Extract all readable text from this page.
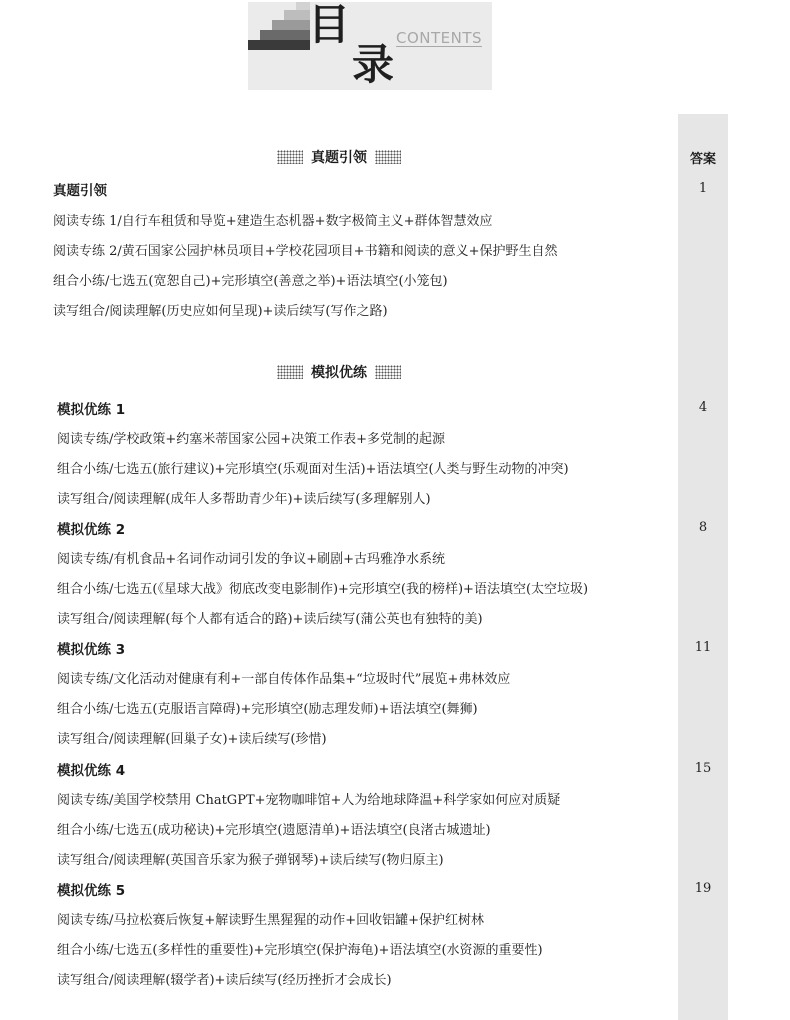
目
录
CONTENTS
答案
真题引领
真题引领	1
阅读专练 1/自行车租赁和导览+建造生态机器+数字极简主义+群体智慧效应
阅读专练 2/黄石国家公园护林员项目+学校花园项目+书籍和阅读的意义+保护野生自然
组合小练/七选五(宽恕自己)+完形填空(善意之举)+语法填空(小笼包)
读写组合/阅读理解(历史应如何呈现)+读后续写(写作之路)
模拟优练
模拟优练 1	4
阅读专练/学校政策+约塞米蒂国家公园+决策工作表+多党制的起源
组合小练/七选五(旅行建议)+完形填空(乐观面对生活)+语法填空(人类与野生动物的冲突)
读写组合/阅读理解(成年人多帮助青少年)+读后续写(多理解别人)
模拟优练 2	8
阅读专练/有机食品+名词作动词引发的争议+刷剧+古玛雅净水系统
组合小练/七选五(《星球大战》彻底改变电影制作)+完形填空(我的榜样)+语法填空(太空垃圾)
读写组合/阅读理解(每个人都有适合的路)+读后续写(蒲公英也有独特的美)
模拟优练 3	11
阅读专练/文化活动对健康有利+一部自传体作品集+“垃圾时代”展览+弗林效应
组合小练/七选五(克服语言障碍)+完形填空(励志理发师)+语法填空(舞狮)
读写组合/阅读理解(回巢子女)+读后续写(珍惜)
模拟优练 4	15
阅读专练/美国学校禁用 ChatGPT+宠物咖啡馆+人为给地球降温+科学家如何应对质疑
组合小练/七选五(成功秘诀)+完形填空(遗愿清单)+语法填空(良渚古城遗址)
读写组合/阅读理解(英国音乐家为猴子弹钢琴)+读后续写(物归原主)
模拟优练 5	19
阅读专练/马拉松赛后恢复+解读野生黑猩猩的动作+回收铝罐+保护红树林
组合小练/七选五(多样性的重要性)+完形填空(保护海龟)+语法填空(水资源的重要性)
读写组合/阅读理解(辍学者)+读后续写(经历挫折才会成长)
